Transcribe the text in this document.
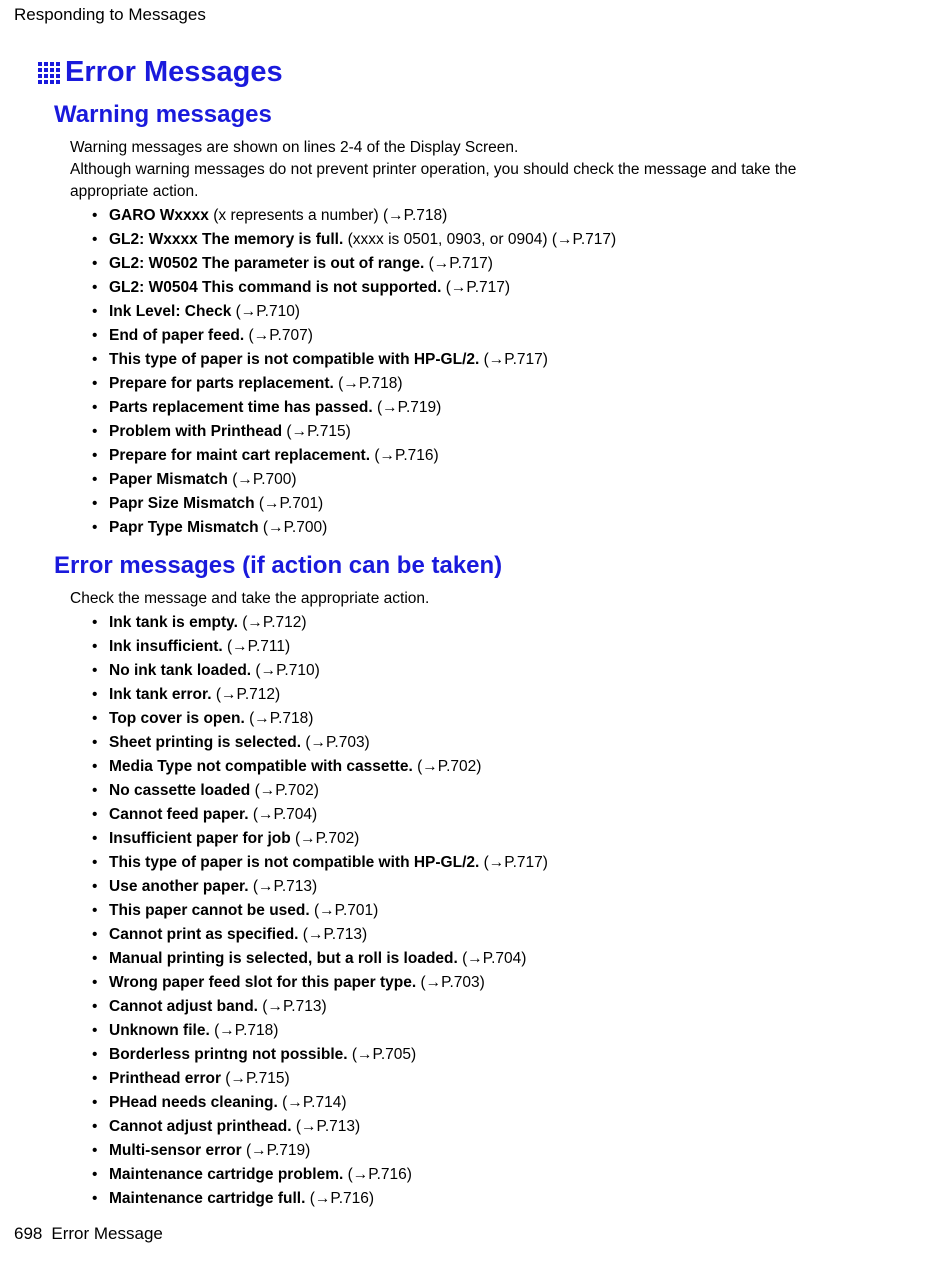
Responding to Messages
Error Messages
Warning messages
Warning messages are shown on lines 2-4 of the Display Screen.
Although warning messages do not prevent printer operation, you should check the message and take the appropriate action.
• GARO Wxxxx (x represents a number) (→P.718)
• GL2: Wxxxx The memory is full. (xxxx is 0501, 0903, or 0904) (→P.717)
• GL2: W0502 The parameter is out of range. (→P.717)
• GL2: W0504 This command is not supported. (→P.717)
• Ink Level: Check (→P.710)
• End of paper feed. (→P.707)
• This type of paper is not compatible with HP-GL/2. (→P.717)
• Prepare for parts replacement. (→P.718)
• Parts replacement time has passed. (→P.719)
• Problem with Printhead (→P.715)
• Prepare for maint cart replacement. (→P.716)
• Paper Mismatch (→P.700)
• Papr Size Mismatch (→P.701)
• Papr Type Mismatch (→P.700)
Error messages (if action can be taken)
Check the message and take the appropriate action.
• Ink tank is empty. (→P.712)
• Ink insufficient. (→P.711)
• No ink tank loaded. (→P.710)
• Ink tank error. (→P.712)
• Top cover is open. (→P.718)
• Sheet printing is selected. (→P.703)
• Media Type not compatible with cassette. (→P.702)
• No cassette loaded (→P.702)
• Cannot feed paper. (→P.704)
• Insufficient paper for job (→P.702)
• This type of paper is not compatible with HP-GL/2. (→P.717)
• Use another paper. (→P.713)
• This paper cannot be used. (→P.701)
• Cannot print as specified. (→P.713)
• Manual printing is selected, but a roll is loaded. (→P.704)
• Wrong paper feed slot for this paper type. (→P.703)
• Cannot adjust band. (→P.713)
• Unknown file. (→P.718)
• Borderless printng not possible. (→P.705)
• Printhead error (→P.715)
• PHead needs cleaning. (→P.714)
• Cannot adjust printhead. (→P.713)
• Multi-sensor error (→P.719)
• Maintenance cartridge problem. (→P.716)
• Maintenance cartridge full. (→P.716)
698 Error Message
